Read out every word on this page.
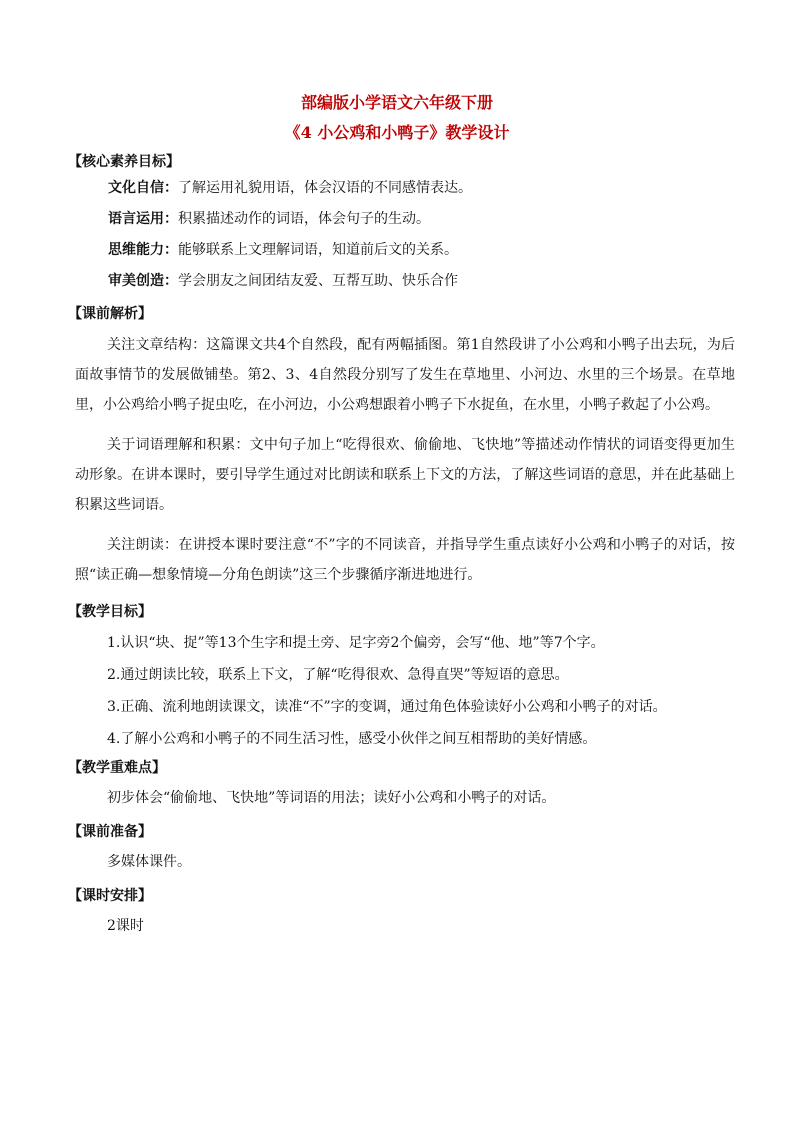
部编版小学语文六年级下册
《4 小公鸡和小鸭子》教学设计
【核心素养目标】
文化自信：了解运用礼貌用语，体会汉语的不同感情表达。
语言运用：积累描述动作的词语，体会句子的生动。
思维能力：能够联系上文理解词语，知道前后文的关系。
审美创造：学会朋友之间团结友爱、互帮互助、快乐合作
【课前解析】

关注文章结构：这篇课文共4个自然段，配有两幅插图。第1自然段讲了小公鸡和小鸭子出去玩，为后面故事情节的发展做铺垫。第2、3、4自然段分别写了发生在草地里、小河边、水里的三个场景。在草地里，小公鸡给小鸭子捉虫吃，在小河边，小公鸡想跟着小鸭子下水捉鱼，在水里，小鸭子救起了小公鸡。

关于词语理解和积累：文中句子加上“吃得很欢、偷偷地、飞快地”等描述动作情状的词语变得更加生动形象。在讲本课时，要引导学生通过对比朗读和联系上下文的方法，了解这些词语的意思，并在此基础上积累这些词语。

关注朗读：在讲授本课时要注意“不”字的不同读音，并指导学生重点读好小公鸡和小鸭子的对话，按照“读正确—想象情境—分角色朗读”这三个步骤循序渐进地进行。

【教学目标】

1.认识“块、捉”等13个生字和提土旁、足字旁2个偏旁，会写“他、地”等7个字。

2.通过朗读比较，联系上下文，了解“吃得很欢、急得直哭”等短语的意思。

3.正确、流利地朗读课文，读准“不”字的变调，通过角色体验读好小公鸡和小鸭子的对话。

4.了解小公鸡和小鸭子的不同生活习性，感受小伙伴之间互相帮助的美好情感。

【教学重难点】

初步体会“偷偷地、飞快地”等词语的用法；读好小公鸡和小鸭子的对话。

【课前准备】

多媒体课件。

【课时安排】

2课时
